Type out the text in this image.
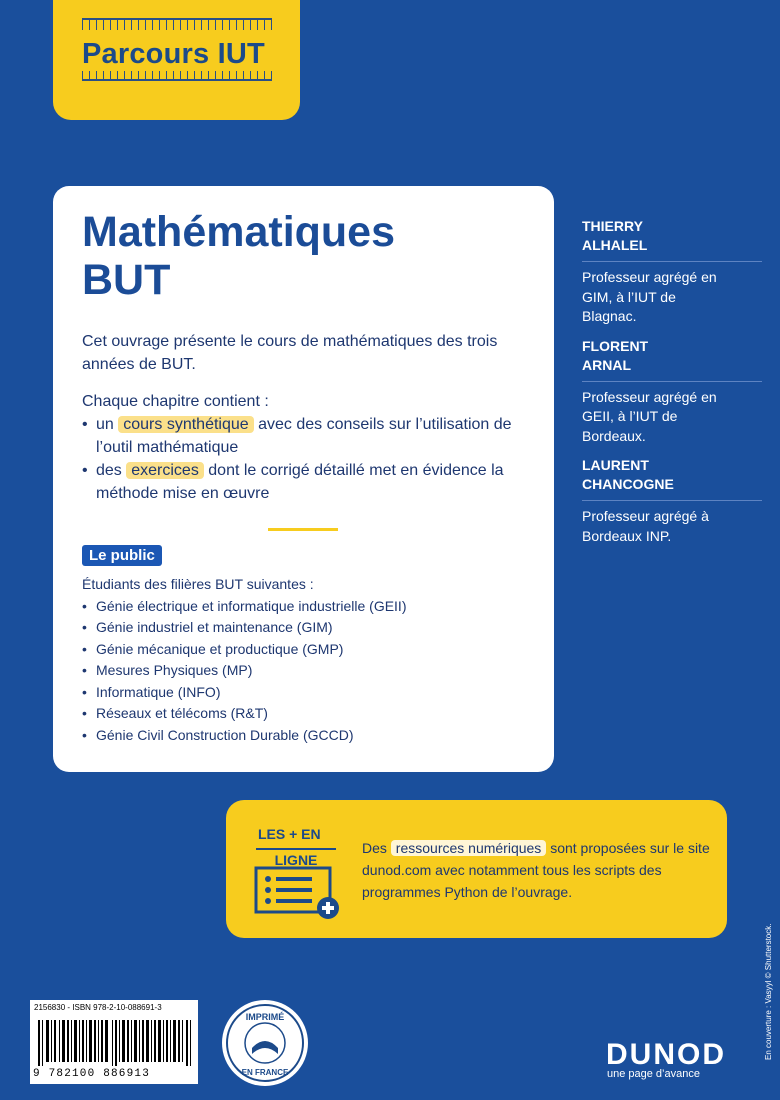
Parcours IUT
Mathématiques
BUT
Cet ouvrage présente le cours de mathématiques des trois années de BUT.
Chaque chapitre contient :
• un cours synthétique avec des conseils sur l’utilisation de l’outil mathématique
• des exercices dont le corrigé détaillé met en évidence la méthode mise en œuvre
Le public
Étudiants des filières BUT suivantes :
• Génie électrique et informatique industrielle (GEII)
• Génie industriel et maintenance (GIM)
• Génie mécanique et productique (GMP)
• Mesures Physiques (MP)
• Informatique (INFO)
• Réseaux et télécoms (R&T)
• Génie Civil Construction Durable (GCCD)
THIERRY
ALHALEL
Professeur agrégé en GIM, à l’IUT de Blagnac.
FLORENT
ARNAL
Professeur agrégé en GEII, à l’IUT de Bordeaux.
LAURENT
CHANCOGNE
Professeur agrégé à Bordeaux INP.
LES + EN
LIGNE
Des ressources numériques sont proposées sur le site dunod.com avec notamment tous les scripts des programmes Python de l’ouvrage.
2156830 - ISBN 978-2-10-088691-3
9 782100 886913
IMPRIMÉ
EN FRANCE
DUNOD
une page d’avance
En couverture : Vasyyl © Shutterstock.
